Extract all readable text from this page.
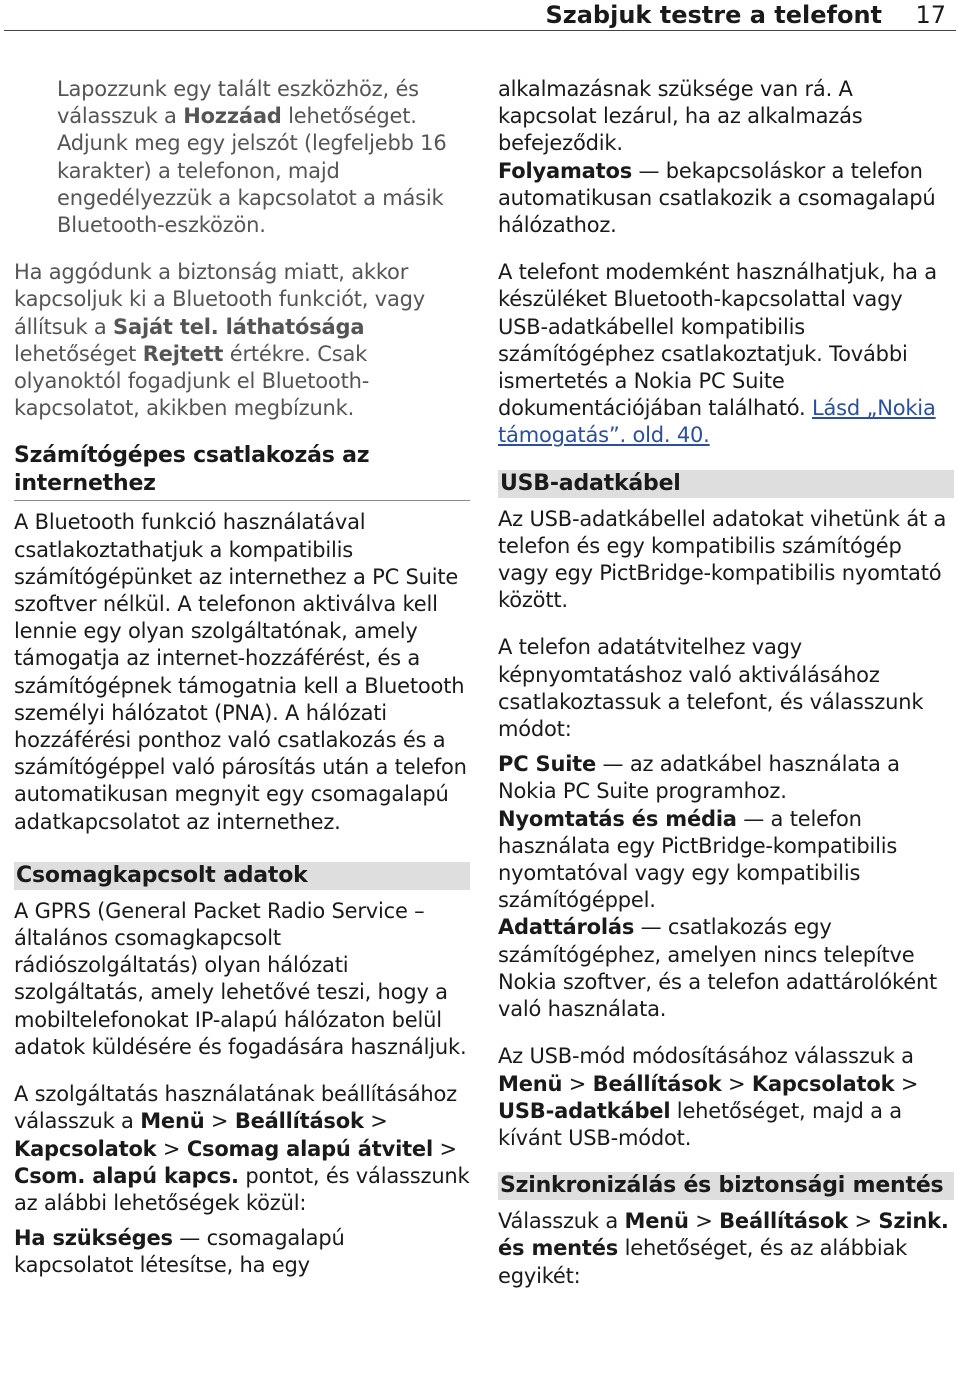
Szabjuk testre a telefont 17

Lapozzunk egy talált eszközhöz, és válasszuk a Hozzáad lehetőséget.

Adjunk meg egy jelszót (legfeljebb 16 karakter) a telefonon, majd engedélyezzük a kapcsolatot a másik Bluetooth-eszközön.

Ha aggódunk a biztonság miatt, akkor kapcsoljuk ki a Bluetooth funkciót, vagy állítsuk a Saját tel. láthatósága lehetőséget Rejtett értékre. Csak olyanoktól fogadjunk el Bluetooth-kapcsolatot, akikben megbízunk.

Számítógépes csatlakozás az internethez

A Bluetooth funkció használatával csatlakoztathatjuk a kompatibilis számítógépünket az internethez a PC Suite szoftver nélkül. A telefonon aktiválva kell lennie egy olyan szolgáltatónak, amely támogatja az internet-hozzáférést, és a számítógépnek támogatnia kell a Bluetooth személyi hálózatot (PNA). A hálózati hozzáférési ponthoz való csatlakozás és a számítógéppel való párosítás után a telefon automatikusan megnyit egy csomagalapú adatkapcsolatot az internethez.

Csomagkapcsolt adatok

A GPRS (General Packet Radio Service – általános csomagkapcsolt rádiószolgáltatás) olyan hálózati szolgáltatás, amely lehetővé teszi, hogy a mobiltelefonokat IP-alapú hálózaton belül adatok küldésére és fogadására használjuk.

A szolgáltatás használatának beállításához válasszuk a Menü > Beállítások > Kapcsolatok > Csomag alapú átvitel > Csom. alapú kapcs. pontot, és válasszunk az alábbi lehetőségek közül:

Ha szükséges — csomagalapú kapcsolatot létesítse, ha egy

alkalmazásnak szüksége van rá. A kapcsolat lezárul, ha az alkalmazás befejeződik.

Folyamatos — bekapcsoláskor a telefon automatikusan csatlakozik a csomagalapú hálózathoz.

A telefont modemként használhatjuk, ha a készüléket Bluetooth-kapcsolattal vagy USB-adatkábellel kompatibilis számítógéphez csatlakoztatjuk. További ismertetés a Nokia PC Suite dokumentációjában található. Lásd „Nokia támogatás”. old. 40.

USB-adatkábel

Az USB-adatkábellel adatokat vihetünk át a telefon és egy kompatibilis számítógép vagy egy PictBridge-kompatibilis nyomtató között.

A telefon adatátvitelhez vagy képnyomtatáshoz való aktiválásához csatlakoztassuk a telefont, és válasszunk módot:

PC Suite — az adatkábel használata a Nokia PC Suite programhoz.

Nyomtatás és média — a telefon használata egy PictBridge-kompatibilis nyomtatóval vagy egy kompatibilis számítógéppel.

Adattárolás — csatlakozás egy számítógéphez, amelyen nincs telepítve Nokia szoftver, és a telefon adattárolóként való használata.

Az USB-mód módosításához válasszuk a Menü > Beállítások > Kapcsolatok > USB-adatkábel lehetőséget, majd a a kívánt USB-módot.

Szinkronizálás és biztonsági mentés

Válasszuk a Menü > Beállítások > Szink. és mentés lehetőséget, és az alábbiak egyikét:
